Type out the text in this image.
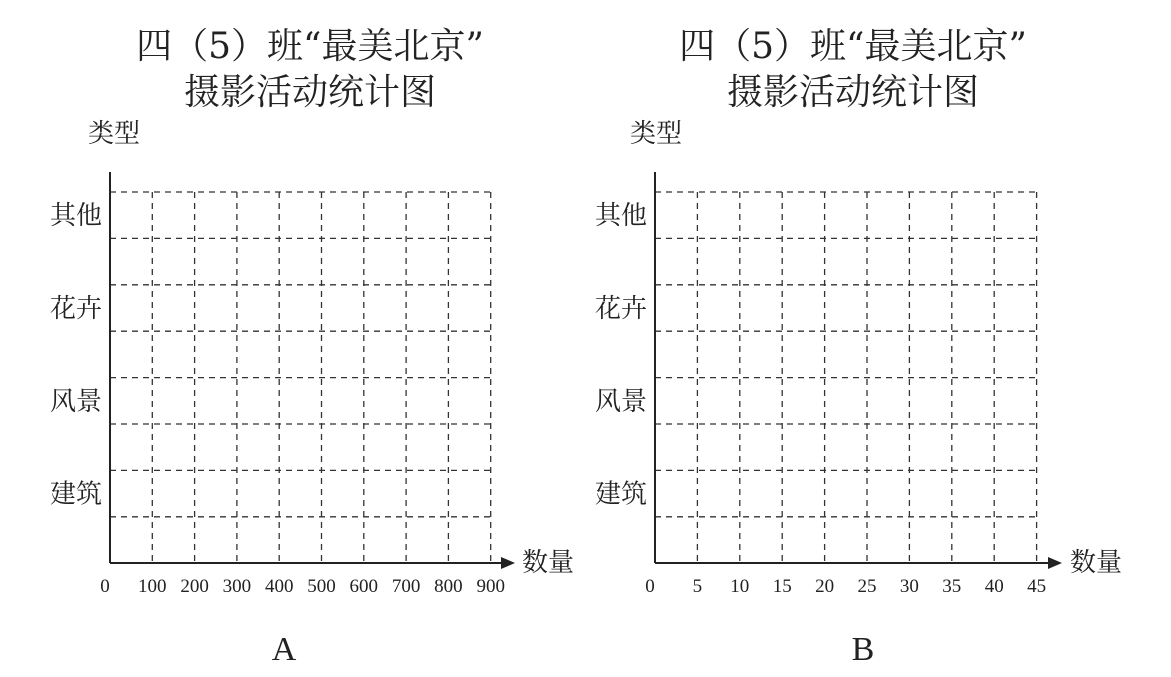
四（5）班“最美北京”
摄影活动统计图
类型
数量
其他
花卉
风景
建筑
0 100 200 300 400 500 600 700 800 900
A
四（5）班“最美北京”
摄影活动统计图
类型
数量
其他
花卉
风景
建筑
0 5 10 15 20 25 30 35 40 45
B
